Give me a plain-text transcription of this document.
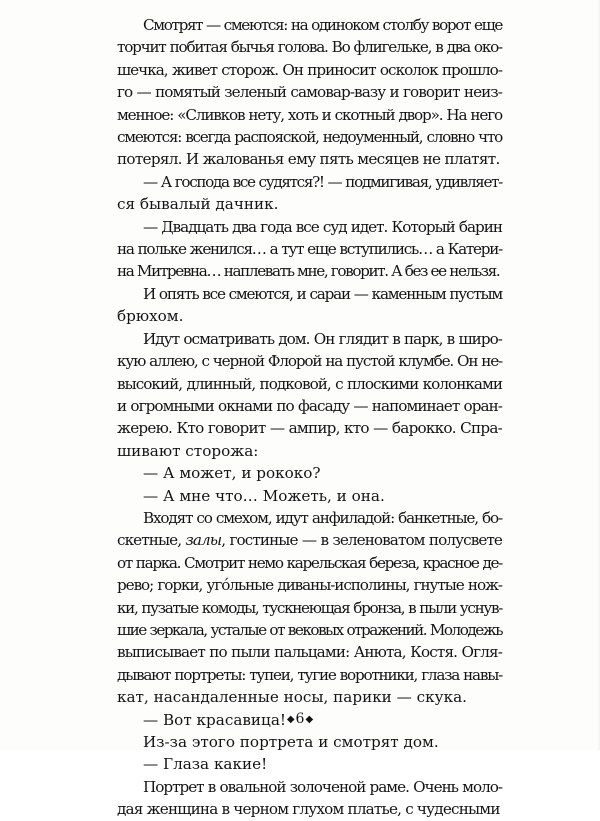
Смотрят — смеются: на одиноком столбу ворот еще
торчит побитая бычья голова. Во флигельке, в два око-
шечка, живет сторож. Он приносит осколок прошло-
го — помятый зеленый самовар-вазу и говорит неиз-
менное: «Сливков нету, хоть и скотный двор». На него
смеются: всегда распояской, недоуменный, словно что
потерял. И жалованья ему пять месяцев не платят.
— А господа все судятся?! — подмигивая, удивляет-
ся бывалый дачник.
— Двадцать два года все суд идет. Который барин
на польке женился… а тут еще вступились… а Катери-
на Митревна… наплевать мне, говорит. А без ее нельзя.
И опять все смеются, и сараи — каменным пустым
брюхом.
Идут осматривать дом. Он глядит в парк, в широ-
кую аллею, с черной Флорой на пустой клумбе. Он не-
высокий, длинный, подковой, с плоскими колонками
и огромными окнами по фасаду — напоминает оран-
жерею. Кто говорит — ампир, кто — барокко. Спра-
шивают сторожа:
— А может, и рококо?
— А мне что… Можеть, и она.
Входят со смехом, идут анфиладой: банкетные, бо-
скетные, залы, гостиные — в зеленоватом полусвете
от парка. Смотрит немо карельская береза, красное де-
рево; горки, угóльные диваны-исполины, гнутые нож-
ки, пузатые комоды, тускнеющая бронза, в пыли уснув-
шие зеркала, усталые от вековых отражений. Молодежь
выписывает по пыли пальцами: Анюта, Костя. Огля-
дывают портреты: тупеи, тугие воротники, глаза навы-
кат, насандаленные носы, парики — скука.
— Вот красавица!
Из-за этого портрета и смотрят дом.
— Глаза какие!
Портрет в овальной золоченой раме. Очень моло-
дая женщина в черном глухом платье, с чудесными
◆6◆
